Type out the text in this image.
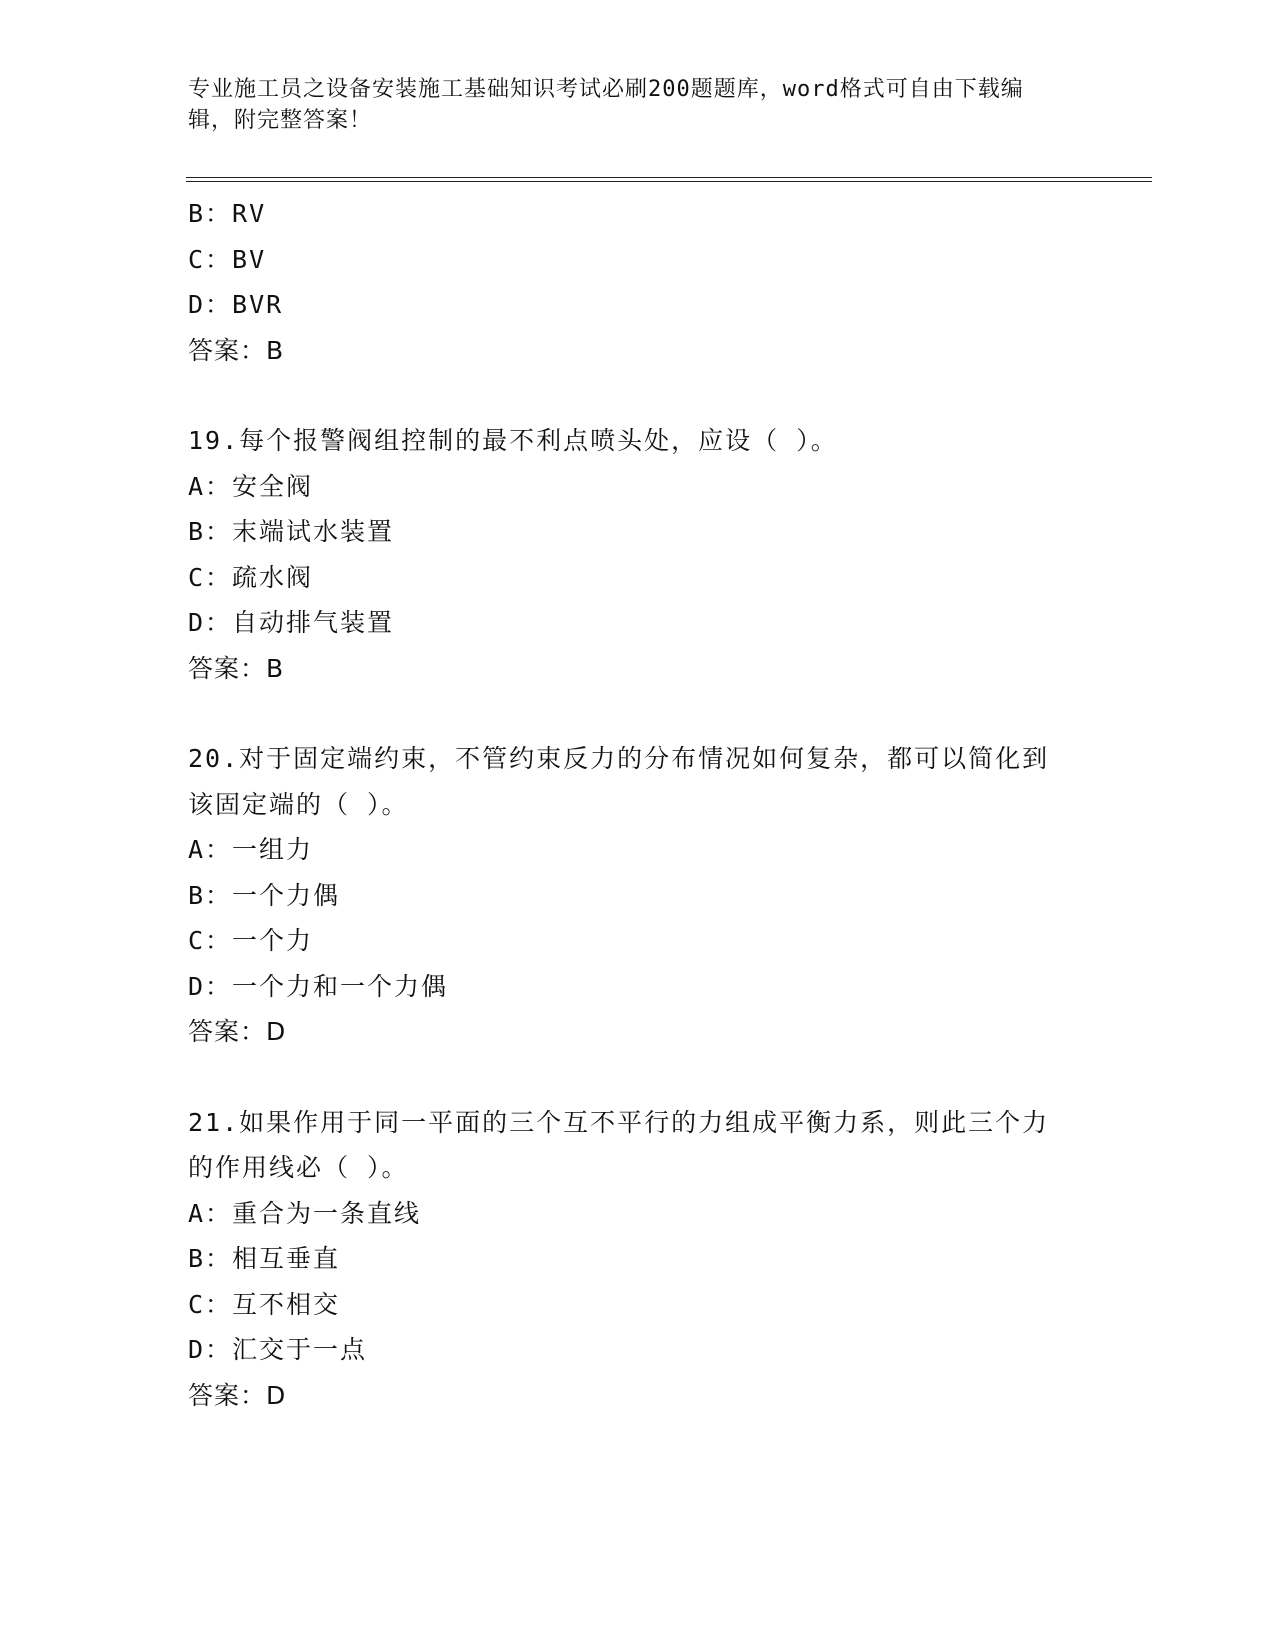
专业施工员之设备安装施工基础知识考试必刷200题题库，word格式可自由下载编辑，附完整答案！
B：RV
C：BV
D：BVR
答案：B
19.每个报警阀组控制的最不利点喷头处，应设（ ）。
A：安全阀
B：末端试水装置
C：疏水阀
D：自动排气装置
答案：B
20.对于固定端约束，不管约束反力的分布情况如何复杂，都可以简化到该固定端的（ ）。
A：一组力
B：一个力偶
C：一个力
D：一个力和一个力偶
答案：D
21.如果作用于同一平面的三个互不平行的力组成平衡力系，则此三个力的作用线必（ ）。
A：重合为一条直线
B：相互垂直
C：互不相交
D：汇交于一点
答案：D
